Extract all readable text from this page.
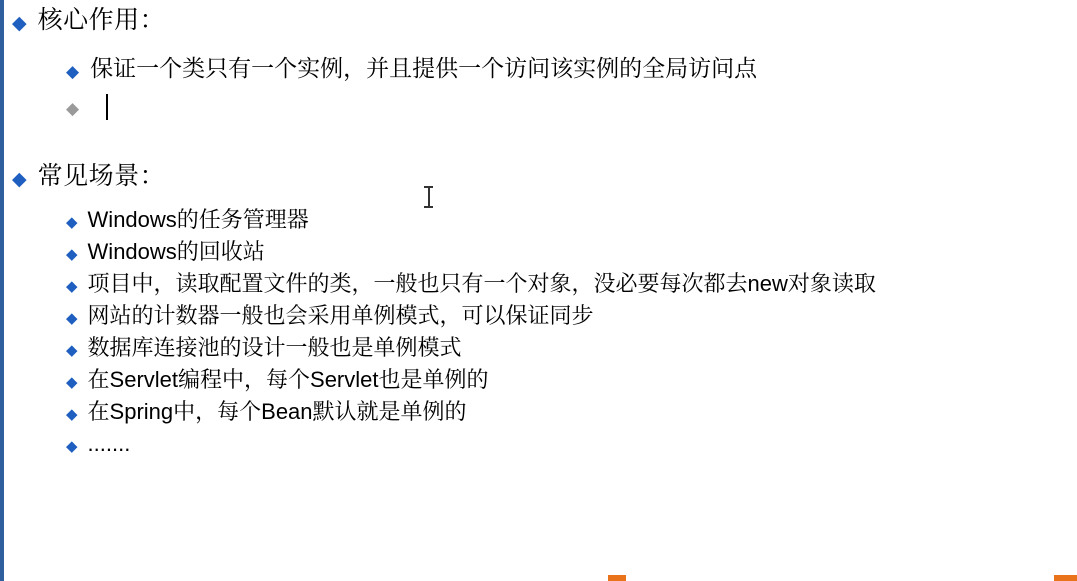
◆ 核心作用：
◆ 保证一个类只有一个实例，并且提供一个访问该实例的全局访问点
◆
◆ 常见场景：
◆ Windows的任务管理器
◆ Windows的回收站
◆ 项目中，读取配置文件的类，一般也只有一个对象，没必要每次都去new对象读取
◆ 网站的计数器一般也会采用单例模式，可以保证同步
◆ 数据库连接池的设计一般也是单例模式
◆ 在Servlet编程中，每个Servlet也是单例的
◆ 在Spring中，每个Bean默认就是单例的
◆ .......
